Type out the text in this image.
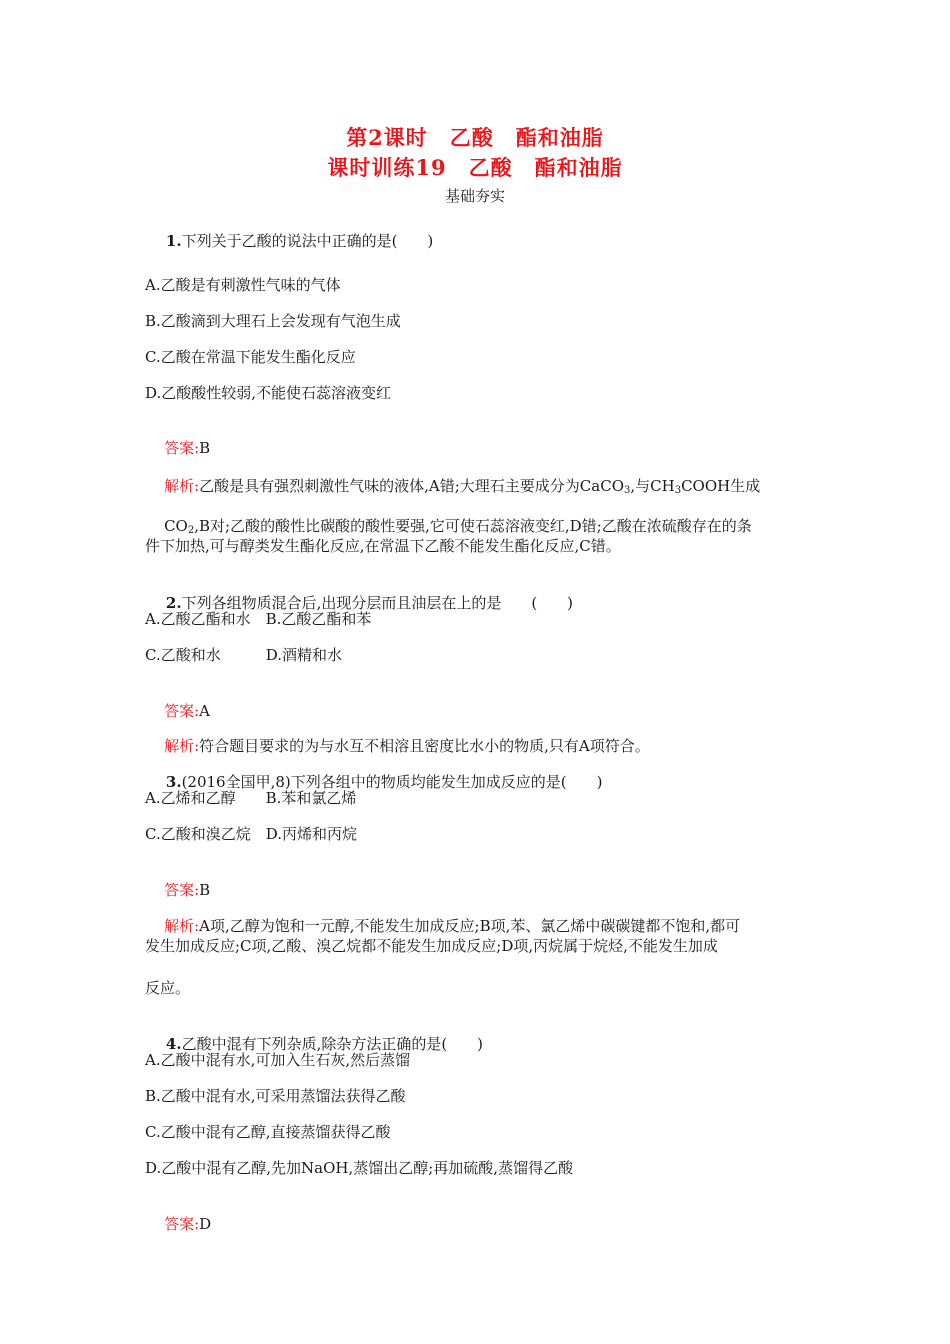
第2课时　乙酸　酯和油脂
课时训练19　乙酸　酯和油脂
基础夯实

1.下列关于乙酸的说法中正确的是(　　)

A.乙酸是有刺激性气味的气体
B.乙酸滴到大理石上会发现有气泡生成
C.乙酸在常温下能发生酯化反应
D.乙酸酸性较弱,不能使石蕊溶液变红

答案:B

解析:乙酸是具有强烈刺激性气味的液体,A错;大理石主要成分为CaCO$_3$,与$CH_3COOH$生成

$CO_2,B$对;乙酸的酸性比碳酸的酸性要强,它可使石蕊溶液变红,D错;乙酸在浓硫酸存在的条

件下加热,可与醇类发生酯化反应,在常温下乙酸不能发生酯化反应,C错。

2.下列各组物质混合后,出现分层而且油层在上的是　　(　　)

A.乙酸乙酯和水　B.乙酸乙酯和苯
C.乙酸和水　　　D.酒精和水

答案:A

解析:符合题目要求的为与水互不相溶且密度比水小的物质,只有A项符合。

3.(2016全国甲,8)下列各组中的物质均能发生加成反应的是(　　)

A.乙烯和乙醇　　B.苯和氯乙烯
C.乙酸和溴乙烷　D.丙烯和丙烷

答案:B

解析:A项,乙醇为饱和一元醇,不能发生加成反应;B项,苯、氯乙烯中碳碳键都不饱和,都可

发生加成反应;C项,乙酸、溴乙烷都不能发生加成反应;D项,丙烷属于烷烃,不能发生加成
反应。

4.乙酸中混有下列杂质,除杂方法正确的是(　　)

A.乙酸中混有水,可加入生石灰,然后蒸馏
B.乙酸中混有水,可采用蒸馏法获得乙酸
C.乙酸中混有乙醇,直接蒸馏获得乙酸
D.乙酸中混有乙醇,先加NaOH,蒸馏出乙醇;再加硫酸,蒸馏得乙酸

答案:D
